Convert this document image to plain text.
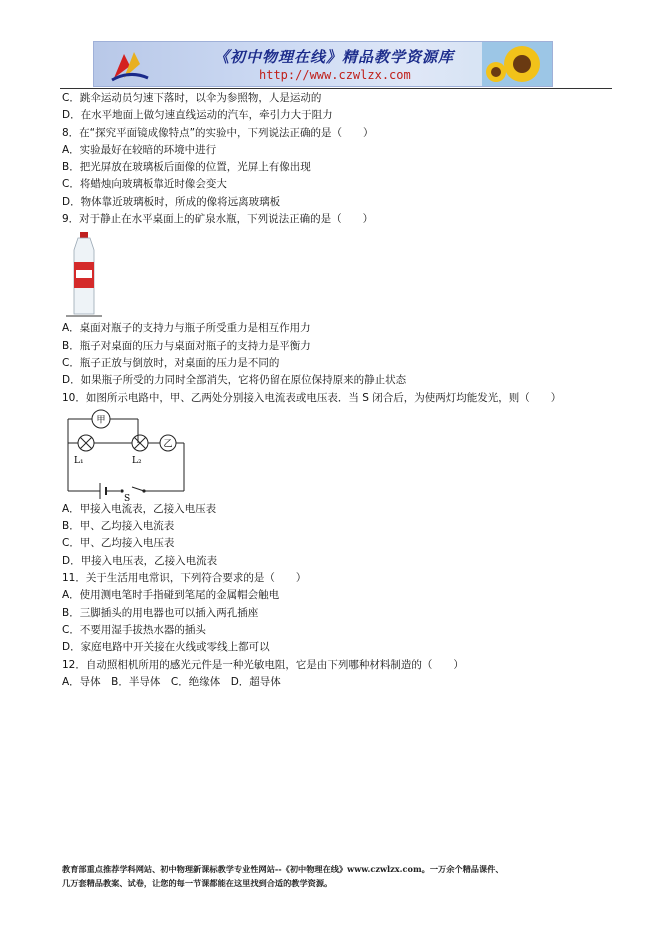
《初中物理在线》精品教学资源库
http://www.czwlzx.com
C．跳伞运动员匀速下落时，以伞为参照物，人是运动的
D．在水平地面上做匀速直线运动的汽车，牵引力大于阻力
8．在“探究平面镜成像特点”的实验中，下列说法正确的是（　　）
A．实验最好在较暗的环境中进行
B．把光屏放在玻璃板后面像的位置，光屏上有像出现
C．将蜡烛向玻璃板靠近时像会变大
D．物体靠近玻璃板时，所成的像将远离玻璃板
9．对于静止在水平桌面上的矿泉水瓶，下列说法正确的是（　　）
A．桌面对瓶子的支持力与瓶子所受重力是相互作用力
B．瓶子对桌面的压力与桌面对瓶子的支持力是平衡力
C．瓶子正放与倒放时，对桌面的压力是不同的
D．如果瓶子所受的力同时全部消失，它将仍留在原位保持原来的静止状态
10．如图所示电路中，甲、乙两处分别接入电流表或电压表．当 S 闭合后，为使两灯均能发光，则（　　）
甲
乙
L₁	L₂
S
A．甲接入电流表，乙接入电压表
B．甲、乙均接入电流表
C．甲、乙均接入电压表
D．甲接入电压表，乙接入电流表
11．关于生活用电常识，下列符合要求的是（　　）
A．使用测电笔时手指碰到笔尾的金属帽会触电
B．三脚插头的用电器也可以插入两孔插座
C．不要用湿手拔热水器的插头
D．家庭电路中开关接在火线或零线上都可以
12．自动照相机所用的感光元件是一种光敏电阻，它是由下列哪种材料制造的（　　）
A．导体　B．半导体　C．绝缘体　D．超导体
教育部重点推荐学科网站、初中物理新课标教学专业性网站--《初中物理在线》www.czwlzx.com。一万余个精品课件、
几万套精品教案、试卷，让您的每一节课都能在这里找到合适的教学资源。
